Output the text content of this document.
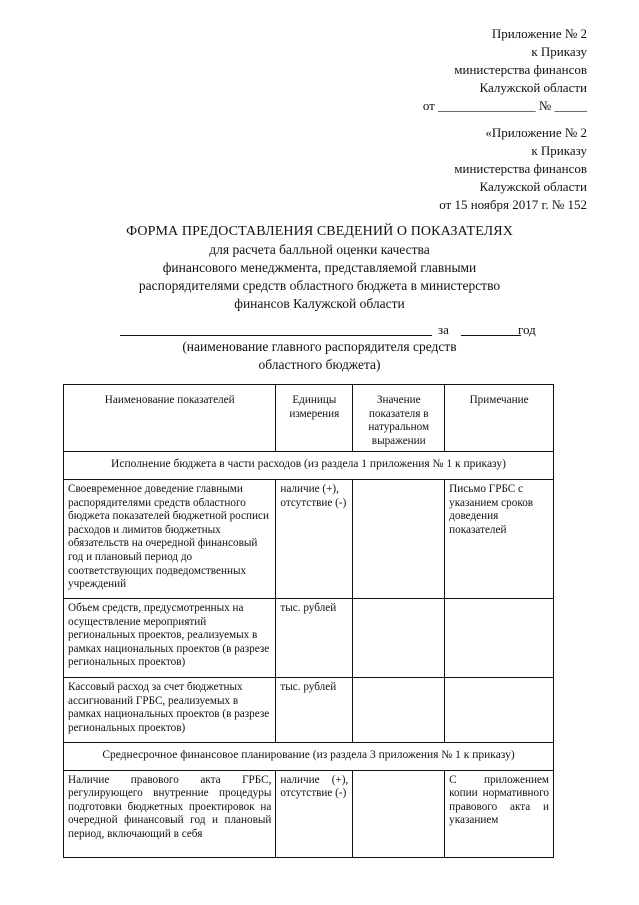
Приложение № 2
к Приказу
министерства финансов
Калужской области
от _______________ № _____
«Приложение № 2
к Приказу
министерства финансов
Калужской области
от 15 ноября 2017 г. № 152
ФОРМА ПРЕДОСТАВЛЕНИЯ СВЕДЕНИЙ О ПОКАЗАТЕЛЯХ
для расчета балльной оценки качества
финансового менеджмента, представляемой главными
распорядителями средств областного бюджета в министерство
финансов Калужской области
за	год
(наименование главного распорядителя средств
областного бюджета)
Наименование показателей	Единицы измерения	Значение показателя в натуральном выражении	Примечание
Исполнение бюджета в части расходов (из раздела 1 приложения № 1 к приказу)			
Своевременное доведение главными распорядителями средств областного бюджета показателей бюджетной росписи расходов и лимитов бюджетных обязательств на очередной финансовый год и плановый период до соответствующих подведомственных учреждений	наличие (+), отсутствие (-)		Письмо ГРБС с указанием сроков доведения показателей
Объем средств, предусмотренных на осуществление мероприятий региональных проектов, реализуемых в рамках национальных проектов (в разрезе региональных проектов)	тыс. рублей		
Кассовый расход за счет бюджетных ассигнований ГРБС, реализуемых в рамках национальных проектов (в разрезе региональных проектов)	тыс. рублей		
Среднесрочное финансовое планирование (из раздела 3 приложения № 1 к приказу)			
Наличие правового акта ГРБС, регулирующего внутренние процедуры подготовки бюджетных проектировок на очередной финансовый год и плановый период, включающий в себя	наличие (+), отсутствие (-)		С приложением копии нормативного правового акта и указанием
